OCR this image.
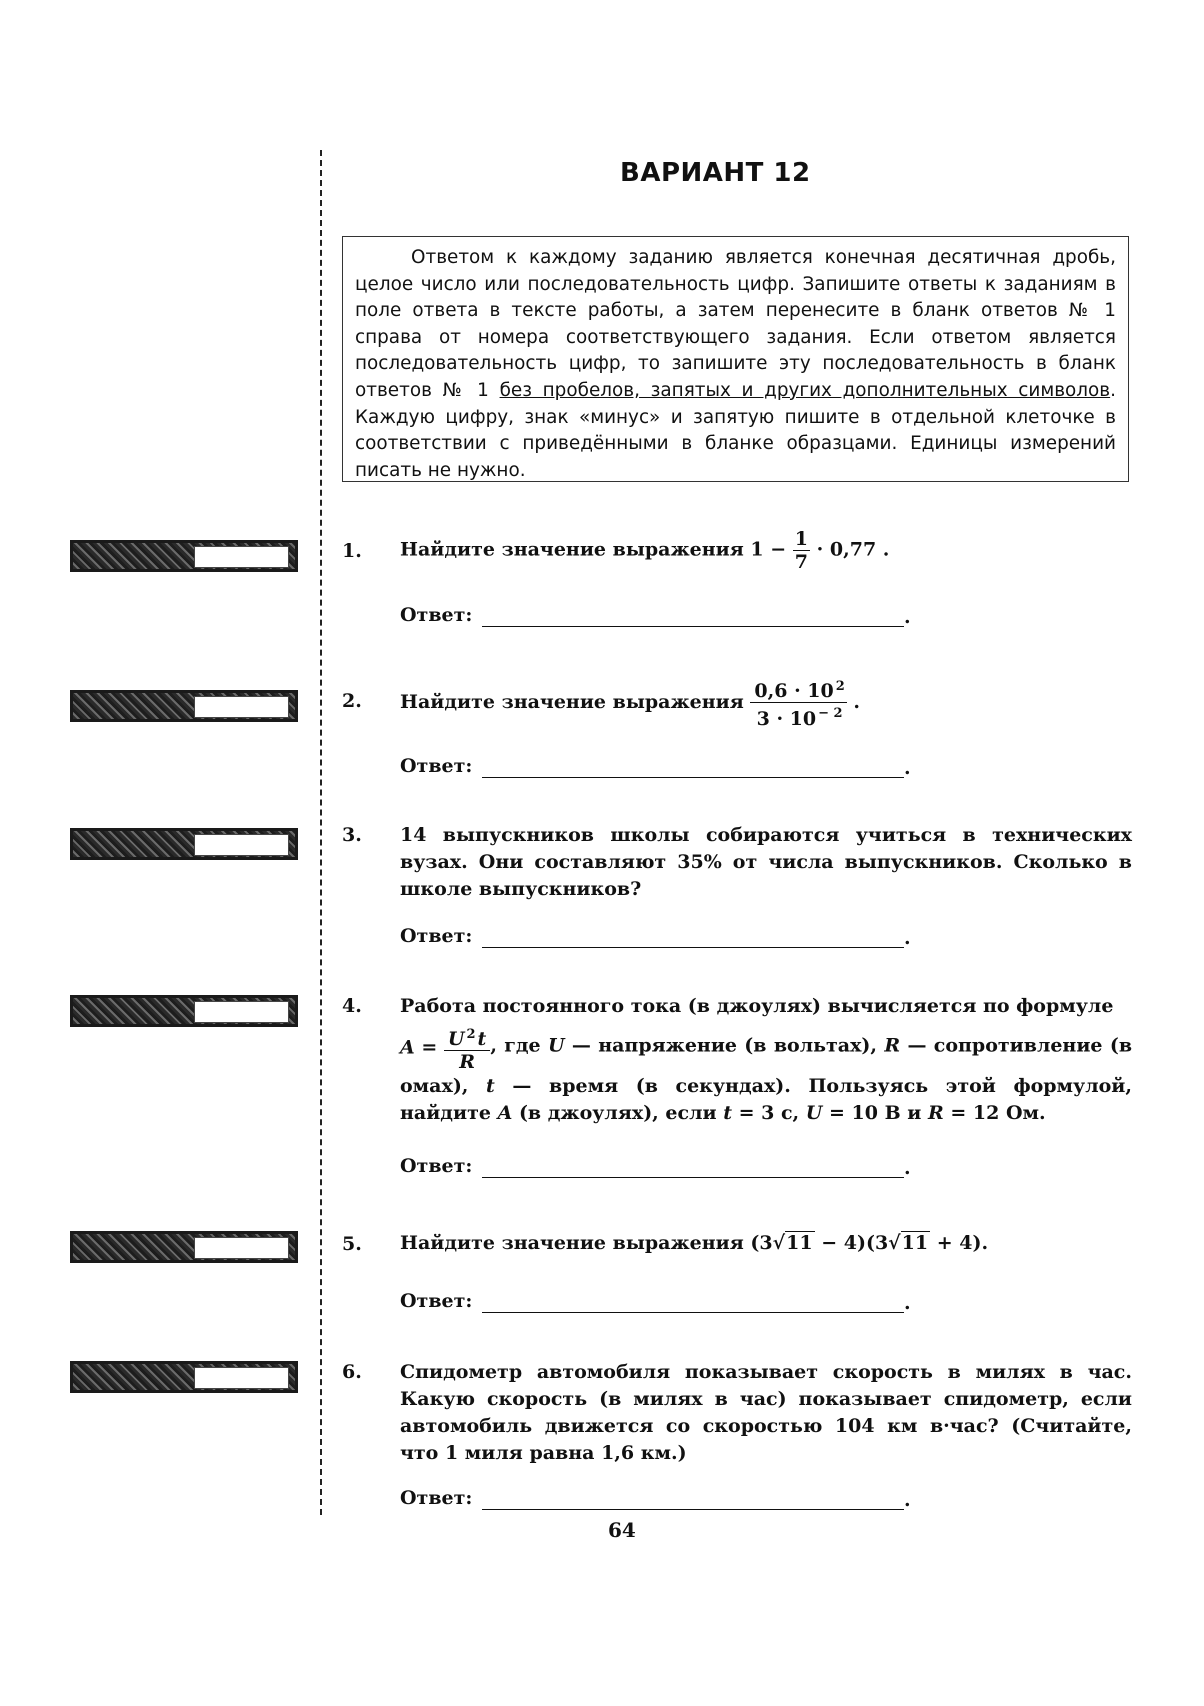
ВАРИАНТ 12
Ответом к каждому заданию является конечная десятичная дробь, целое число или последовательность цифр. Запишите ответы к заданиям в поле ответа в тексте работы, а затем перенесите в бланк ответов № 1 справа от номера соответствующего задания. Если ответом является последовательность цифр, то запишите эту последовательность в бланк ответов № 1 без пробелов, запятых и других дополнительных символов. Каждую цифру, знак «минус» и запятую пишите в отдельной клеточке в соответствии с приведёнными в бланке образцами. Единицы измерений писать не нужно.
1. Найдите значение выражения $1 - \frac{1}{7} \cdot 0,77$ .
Ответ:	.
2. Найдите значение выражения $\frac{0,6 \cdot 10 ^2}{3 \cdot 10 ^{- 2}}$ .
Ответ:	.
3. 14 выпускников школы собираются учиться в технических вузах. Они составляют 35% от числа выпускников. Сколько в школе выпускников?
Ответ:	.
4. Работа постоянного тока (в джоулях) вычисляется по формуле
$A = \frac{U ^2 t}{R}$ , где U — напряжение (в вольтах), R — сопротивление (в омах), t — время (в секундах). Пользуясь этой формулой, найдите A (в джоулях), если t = 3 с, U = 10 В и R = 12 Ом.
Ответ:	.
5. Найдите значение выражения (3√11 − 4)(3√11 + 4).
Ответ:	.
6. Спидометр автомобиля показывает скорость в милях в час. Какую скорость (в милях в час) показывает спидометр, если автомобиль движется со скоростью 104 км в·час? (Считайте, что 1 миля равна 1,6 км.)
Ответ:	.
64
